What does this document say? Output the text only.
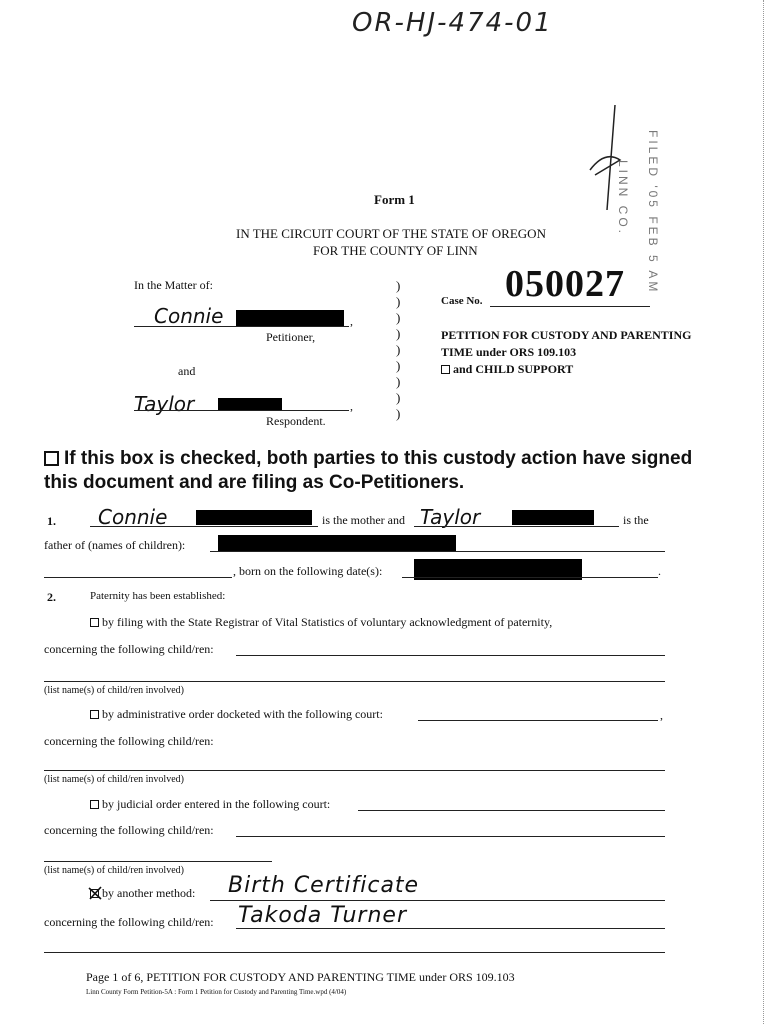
OR-HJ-474-01
FILED '05 FEB 5 AM
LINN CO.
Form 1
IN THE CIRCUIT COURT OF THE STATE OF OREGON
FOR THE COUNTY OF LINN
In the Matter of:
Connie	,
Petitioner,
and
Taylor	,
Respondent.
)
)
)
)
)
)
)
)
)
Case No. 050027
PETITION FOR CUSTODY AND PARENTING
TIME under ORS 109.103
and CHILD SUPPORT
If this box is checked, both parties to this custody action have signed
this document and are filing as Co-Petitioners.
1. Connie	is the mother and Taylor	is the
father of (names of children):
, born on the following date(s):	.
2.	Paternity has been established:
by filing with the State Registrar of Vital Statistics of voluntary acknowledgment of paternity,
concerning the following child/ren:
(list name(s) of child/ren involved)
by administrative order docketed with the following court:	,
concerning the following child/ren:
(list name(s) of child/ren involved)
by judicial order entered in the following court:
concerning the following child/ren:
(list name(s) of child/ren involved)
by another method: Birth Certificate
concerning the following child/ren: Takoda Turner
Page 1 of 6, PETITION FOR CUSTODY AND PARENTING TIME under ORS 109.103
Linn County Form Petition-5A : Form 1 Petition for Custody and Parenting Time.wpd (4/04)
